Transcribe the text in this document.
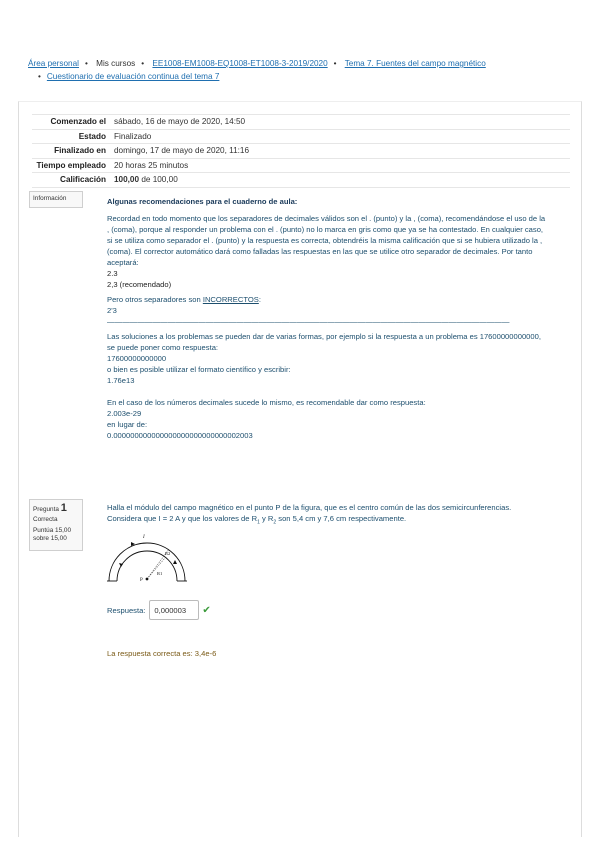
Área personal • Mis cursos • EE1008-EM1008-EQ1008-ET1008-3-2019/2020 • Tema 7. Fuentes del campo magnético
• Cuestionario de evaluación continua del tema 7
Comenzado el sábado, 16 de mayo de 2020, 14:50
Estado Finalizado
Finalizado en domingo, 17 de mayo de 2020, 11:16
Tiempo empleado 20 horas 25 minutos
Calificación 100,00 de 100,00
Información	Algunas recomendaciones para el cuaderno de aula:

Recordad en todo momento que los separadores de decimales válidos son el . (punto) y la , (coma), recomendándose el uso de la , (coma), porque al responder un problema con el . (punto) no lo marca en gris como que ya se ha contestado. En cualquier caso, si se utiliza como separador el . (punto) y la respuesta es correcta, obtendréis la misma calificación que si se hubiera utilizado la , (coma). El corrector automático dará como falladas las respuestas en las que se utilice otro separador de decimales. Por tanto aceptará:

2.3

2,3 (recomendado)

Pero otros separadores son INCORRECTOS:

2'3

—————————————————————————————————————————————————————

Las soluciones a los problemas se pueden dar de varias formas, por ejemplo si la respuesta a un problema es 17600000000000, se puede poner como respuesta:

17600000000000

o bien es posible utilizar el formato científico y escribir:

1.76e13

En el caso de los números decimales sucede lo mismo, es recomendable dar como respuesta:

2.003e-29

en lugar de:

0.000000000000000000000000000002003

Pregunta 1
Correcta
Puntúa 15,00 sobre 15,00

Halla el módulo del campo magnético en el punto P de la figura, que es el centro común de las dos semicircunferencias.

Considera que I = 2 A y que los valores de $R_1$ y $R_2$ son 5,4 cm y 7,6 cm respectivamente.

I
R2
R1
P
Respuesta:	0,000003	✔
La respuesta correcta es: 3,4e-6
